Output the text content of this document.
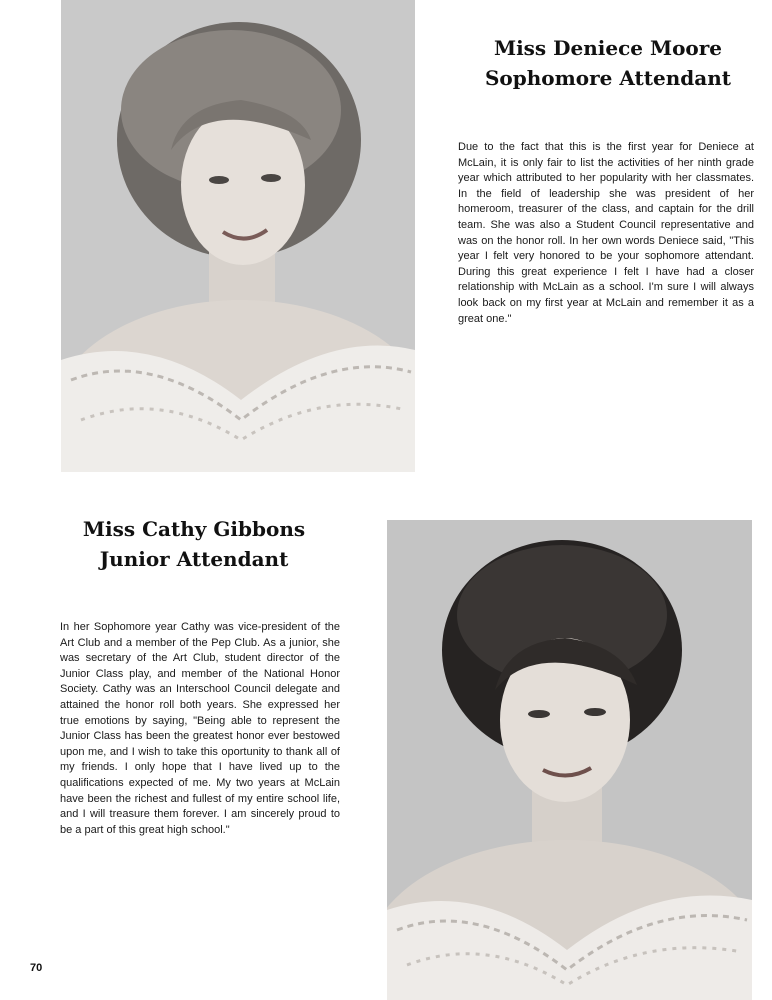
Miss Deniece Moore
Sophomore Attendant
Due to the fact that this is the first year for Deniece at McLain, it is only fair to list the activities of her ninth grade year which attributed to her popularity with her classmates. In the field of leadership she was president of her homeroom, treasurer of the class, and captain for the drill team. She was also a Student Council representative and was on the honor roll. In her own words Deniece said, "This year I felt very honored to be your sophomore attendant. During this great experience I felt I have had a closer relationship with McLain as a school. I'm sure I will always look back on my first year at McLain and remember it as a great one."
Miss Cathy Gibbons
Junior Attendant
In her Sophomore year Cathy was vice-president of the Art Club and a member of the Pep Club. As a junior, she was secretary of the Art Club, student director of the Junior Class play, and member of the National Honor Society. Cathy was an Interschool Council delegate and attained the honor roll both years. She expressed her true emotions by saying, "Being able to represent the Junior Class has been the greatest honor ever bestowed upon me, and I wish to take this oportunity to thank all of my friends. I only hope that I have lived up to the qualifications expected of me. My two years at McLain have been the richest and fullest of my entire school life, and I will treasure them forever. I am sincerely proud to be a part of this great high school."
70
